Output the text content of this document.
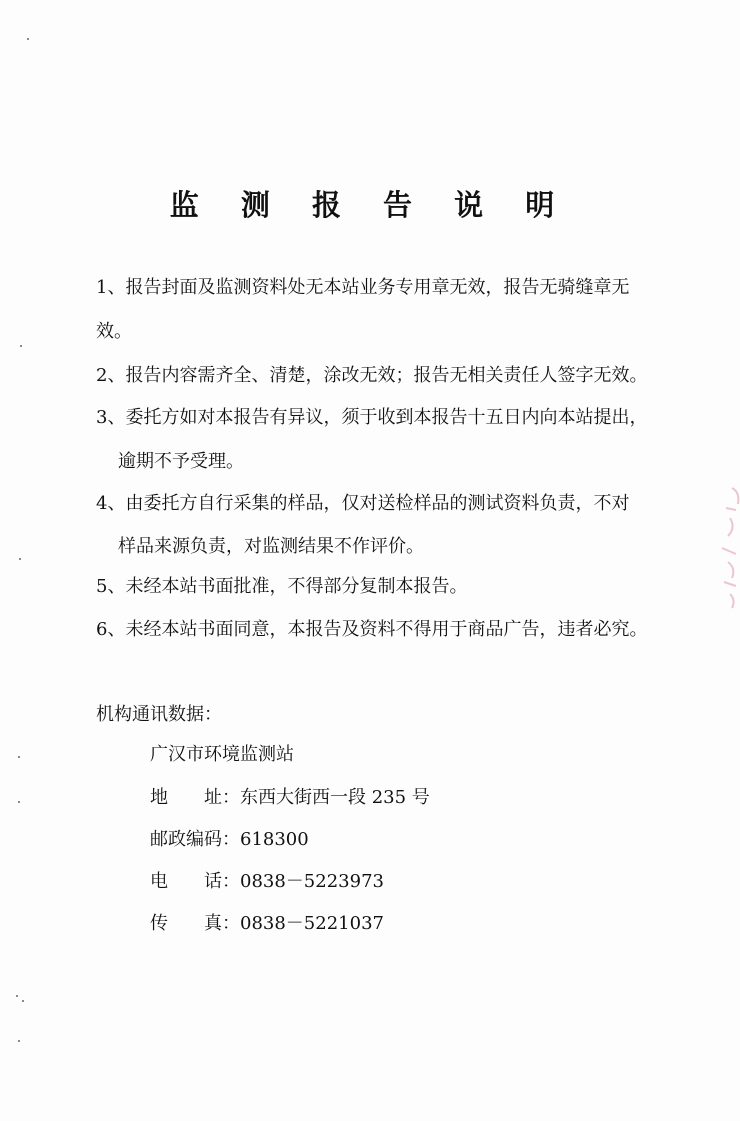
监 测 报 告 说 明
1、报告封面及监测资料处无本站业务专用章无效，报告无骑缝章无
效。
2、报告内容需齐全、清楚，涂改无效；报告无相关责任人签字无效。
3、委托方如对本报告有异议，须于收到本报告十五日内向本站提出，
逾期不予受理。
4、由委托方自行采集的样品，仅对送检样品的测试资料负责，不对
样品来源负责，对监测结果不作评价。
5、未经本站书面批准，不得部分复制本报告。
6、未经本站书面同意，本报告及资料不得用于商品广告，违者必究。
机构通讯数据：
广汉市环境监测站
地　　址：东西大街西一段 235 号
邮政编码：618300
电　　话：0838－5223973
传　　真：0838－5221037
